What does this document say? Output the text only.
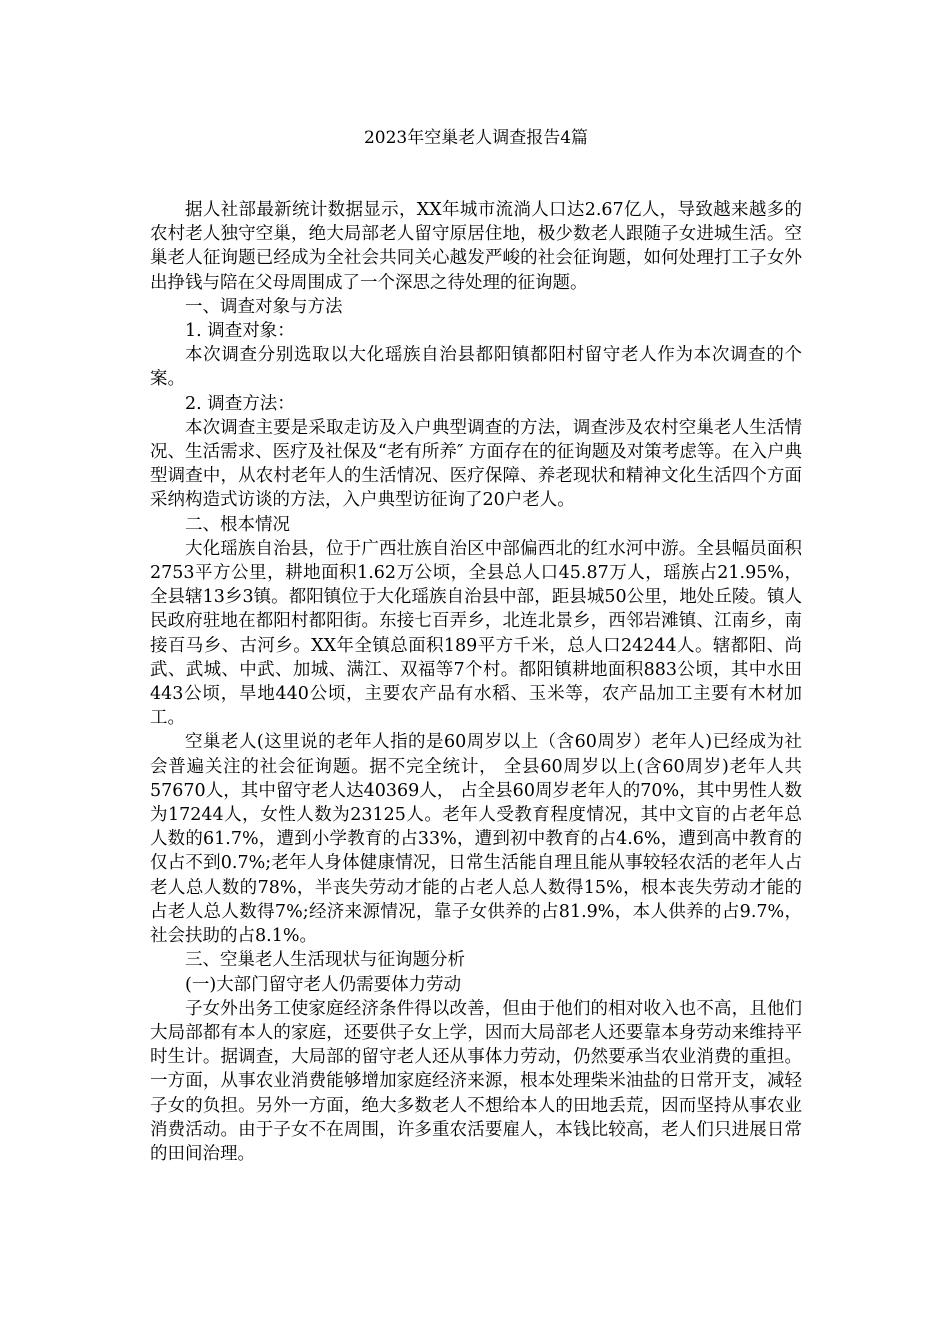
2023年空巢老人调查报告4篇

据人社部最新统计数据显示，XX年城市流淌人口达2.67亿人，导致越来越多的农村老人独守空巢，绝大局部老人留守原居住地，极少数老人跟随子女进城生活。空巢老人征询题已经成为全社会共同关心越发严峻的社会征询题，如何处理打工子女外出挣钱与陪在父母周围成了一个深思之待处理的征询题。

一、调查对象与方法

1. 调查对象：

本次调查分别选取以大化瑶族自治县都阳镇都阳村留守老人作为本次调查的个案。

2. 调查方法：

本次调查主要是采取走访及入户典型调查的方法，调查涉及农村空巢老人生活情况、生活需求、医疗及社保及“老有所养″ 方面存在的征询题及对策考虑等。在入户典型调查中，从农村老年人的生活情况、医疗保障、养老现状和精神文化生活四个方面采纳构造式访谈的方法，入户典型访征询了20户老人。

二、根本情况

大化瑶族自治县，位于广西壮族自治区中部偏西北的红水河中游。全县幅员面积2753平方公里，耕地面积1.62万公顷，全县总人口45.87万人，瑶族占21.95%，全县辖13乡3镇。都阳镇位于大化瑶族自治县中部，距县城50公里，地处丘陵。镇人民政府驻地在都阳村都阳街。东接七百弄乡，北连北景乡，西邻岩滩镇、江南乡，南接百马乡、古河乡。XX年全镇总面积189平方千米，总人口24244人。辖都阳、尚武、武城、中武、加城、满江、双福等7个村。都阳镇耕地面积883公顷，其中水田443公顷，旱地440公顷，主要农产品有水稻、玉米等，农产品加工主要有木材加工。

空巢老人(这里说的老年人指的是60周岁以上（含60周岁）老年人)已经成为社会普遍关注的社会征询题。据不完全统计， 全县60周岁以上(含60周岁)老年人共57670人，其中留守老人达40369人， 占全县60周岁老年人的70%，其中男性人数为17244人，女性人数为23125人。老年人受教育程度情况，其中文盲的占老年总人数的61.7%，遭到小学教育的占33%，遭到初中教育的占4.6%，遭到高中教育的仅占不到0.7%;老年人身体健康情况，日常生活能自理且能从事较轻农活的老年人占老人总人数的78%，半丧失劳动才能的占老人总人数得15%，根本丧失劳动才能的占老人总人数得7%;经济来源情况，靠子女供养的占81.9%，本人供养的占9.7%，社会扶助的占8.1%。

三、空巢老人生活现状与征询题分析

(一)大部门留守老人仍需要体力劳动

子女外出务工使家庭经济条件得以改善，但由于他们的相对收入也不高，且他们大局部都有本人的家庭，还要供子女上学，因而大局部老人还要靠本身劳动来维持平时生计。据调查，大局部的留守老人还从事体力劳动，仍然要承当农业消费的重担。一方面，从事农业消费能够增加家庭经济来源，根本处理柴米油盐的日常开支，减轻子女的负担。另外一方面，绝大多数老人不想给本人的田地丢荒，因而坚持从事农业消费活动。由于子女不在周围，许多重农活要雇人，本钱比较高，老人们只进展日常的田间治理。
